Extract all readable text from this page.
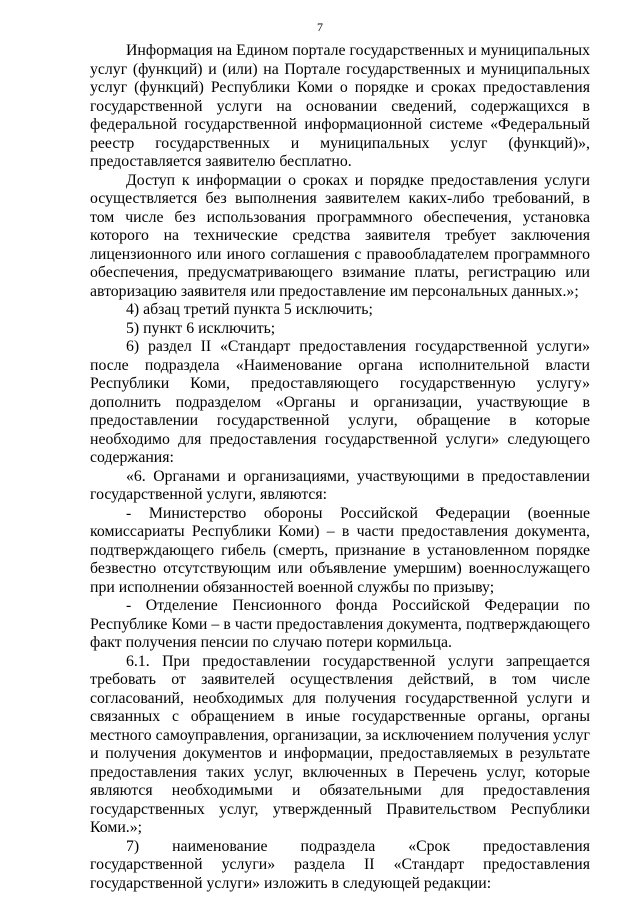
7

Информация на Едином портале государственных и муниципальных услуг (функций) и (или) на Портале государственных и муниципальных услуг (функций) Республики Коми о порядке и сроках предоставления государственной услуги на основании сведений, содержащихся в федеральной государственной информационной системе «Федеральный реестр государственных и муниципальных услуг (функций)», предоставляется заявителю бесплатно.

Доступ к информации о сроках и порядке предоставления услуги осуществляется без выполнения заявителем каких-либо требований, в том числе без использования программного обеспечения, установка которого на технические средства заявителя требует заключения лицензионного или иного соглашения с правообладателем программного обеспечения, предусматривающего взимание платы, регистрацию или авторизацию заявителя или предоставление им персональных данных.»;

4) абзац третий пункта 5 исключить;

5) пункт 6 исключить;

6) раздел II «Стандарт предоставления государственной услуги» после подраздела «Наименование органа исполнительной власти Республики Коми, предоставляющего государственную услугу» дополнить подразделом «Органы и организации, участвующие в предоставлении государственной услуги, обращение в которые необходимо для предоставления государственной услуги» следующего содержания:

«6. Органами и организациями, участвующими в предоставлении государственной услуги, являются:

- Министерство обороны Российской Федерации (военные комиссариаты Республики Коми) – в части предоставления документа, подтверждающего гибель (смерть, признание в установленном порядке безвестно отсутствующим или объявление умершим) военнослужащего при исполнении обязанностей военной службы по призыву;

- Отделение Пенсионного фонда Российской Федерации по Республике Коми – в части предоставления документа, подтверждающего факт получения пенсии по случаю потери кормильца.

6.1. При предоставлении государственной услуги запрещается требовать от заявителей осуществления действий, в том числе согласований, необходимых для получения государственной услуги и связанных с обращением в иные государственные органы, органы местного самоуправления, организации, за исключением получения услуг и получения документов и информации, предоставляемых в результате предоставления таких услуг, включенных в Перечень услуг, которые являются необходимыми и обязательными для предоставления государственных услуг, утвержденный Правительством Республики Коми.»;

7) наименование подраздела «Срок предоставления государственной услуги» раздела II «Стандарт предоставления государственной услуги» изложить в следующей редакции:
